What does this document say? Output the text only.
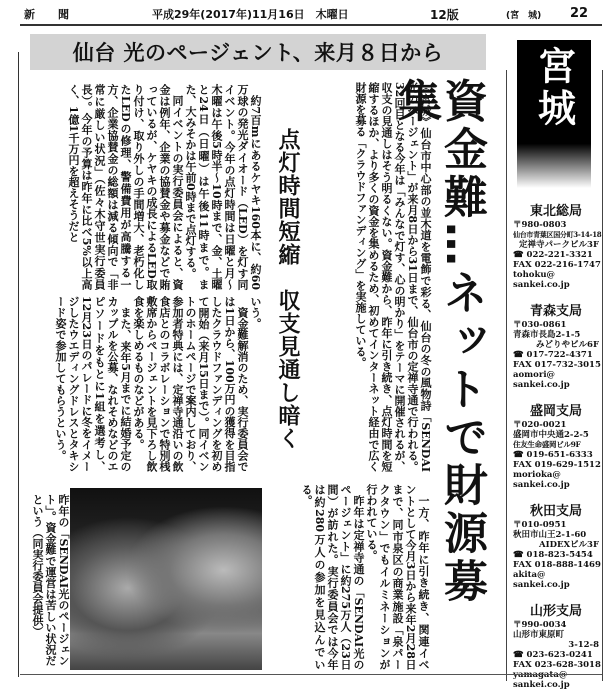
新　聞	平成29年(2017年)11月16日　木曜日	12版	(宮　城) 22
仙台 光のページェント、来月８日から
資金難…ネットで財源募集

《宮城》仙台市中心部の並木道を電飾で彩る、仙台の冬の風物詩「SENDAI光のページェント」が来月8日から31日まで、仙台市の定禅寺通で行われる。32回目となる今年は「みんなで灯す、心の明かり」をテーマに開催されるが、収支の見通しはそう明るくない。資金難から、昨年に引き続き、点灯時間を短縮するほか、より多くの資金を集めるため、初めてインターネット経由で広く財源を募る「クラウドファンディング」を実施している。

点灯時間短縮　収支見通し暗く

約7百mにあるケヤキ160本に、約60万球の発光ダイオード（LED）を灯す同イベント。今年の点灯時間は日曜と月～木曜は午後5時半～10時まで、金、土曜と24日（日曜）は午後11時まで。また、大みそかは午前0時まで点灯する。

同イベントの実行委員会によると、資金は例年、企業の協賛金や募金などで賄っているが、ケヤキの成長によるLED取り付け、取り外しの手間増大、老朽化したLEDの修理、警備費用が高騰する一方、企業協賛金の総額は減る傾向で「非常に厳しい状況」（佐々木守世実行委員長）。今年の予算は昨年に比べ5%以上高く、1億1千万円を超えそうだと

いう。

資金難解消のため、実行委員会では1日から、100万円の獲得を目指したクラウドファンディングを初めて開始（来月15日まで）。同イベントのホームページで案内しており、参加者特典には、定禅寺通沿いの飲食店とのコラボレーションで特別桟敷席からページェントを見下ろし飲食を楽しめるものなどがある。

また、来年5月までに結婚予定のカップルを公募、なれそめなどのエピソードをもとに1組を選考し、12月23日のパレードに冬をイメージしたウエディングドレスとタキシード姿で参加してもらうという。

一方、昨年に引き続き、関連イベントとして今月3日から来年2月28日まで、同市泉区の商業施設「泉パークタウン」でもイルミネーションが行われている。

昨年は定禅寺通の「SENDAI光のページェント」に約275万人（23日間）が訪れた。実行委員会では今年は約280万人の参加を見込んでいる。

昨年の「SENDAI光のページェント」。資金難で運営は苦しい状況だという（同実行委員会提供）

宮城
東北総局
〒980-0803
仙台市青葉区国分町3-14-18
定禅寺パークビル3F
☎ 022-221-3321
FAX 022-216-1747
tohoku@
sankei.co.jp
青森支局
〒030-0861
青森市長島2-1-5
みどりやビル6F
☎ 017-722-4371
FAX 017-732-3015
aomori@
sankei.co.jp
盛岡支局
〒020-0021
盛岡市中央通2-2-5
住友生命盛岡ビル9F
☎ 019-651-6333
FAX 019-629-1512
morioka@
sankei.co.jp
秋田支局
〒010-0951
秋田市山王2-1-60
AIDEXビル3F
☎ 018-823-5454
FAX 018-888-1469
akita@
sankei.co.jp
山形支局
〒990-0034
山形市東原町
3-12-8
☎ 023-623-0241
FAX 023-628-3018
yamagata@
sankei.co.jp
